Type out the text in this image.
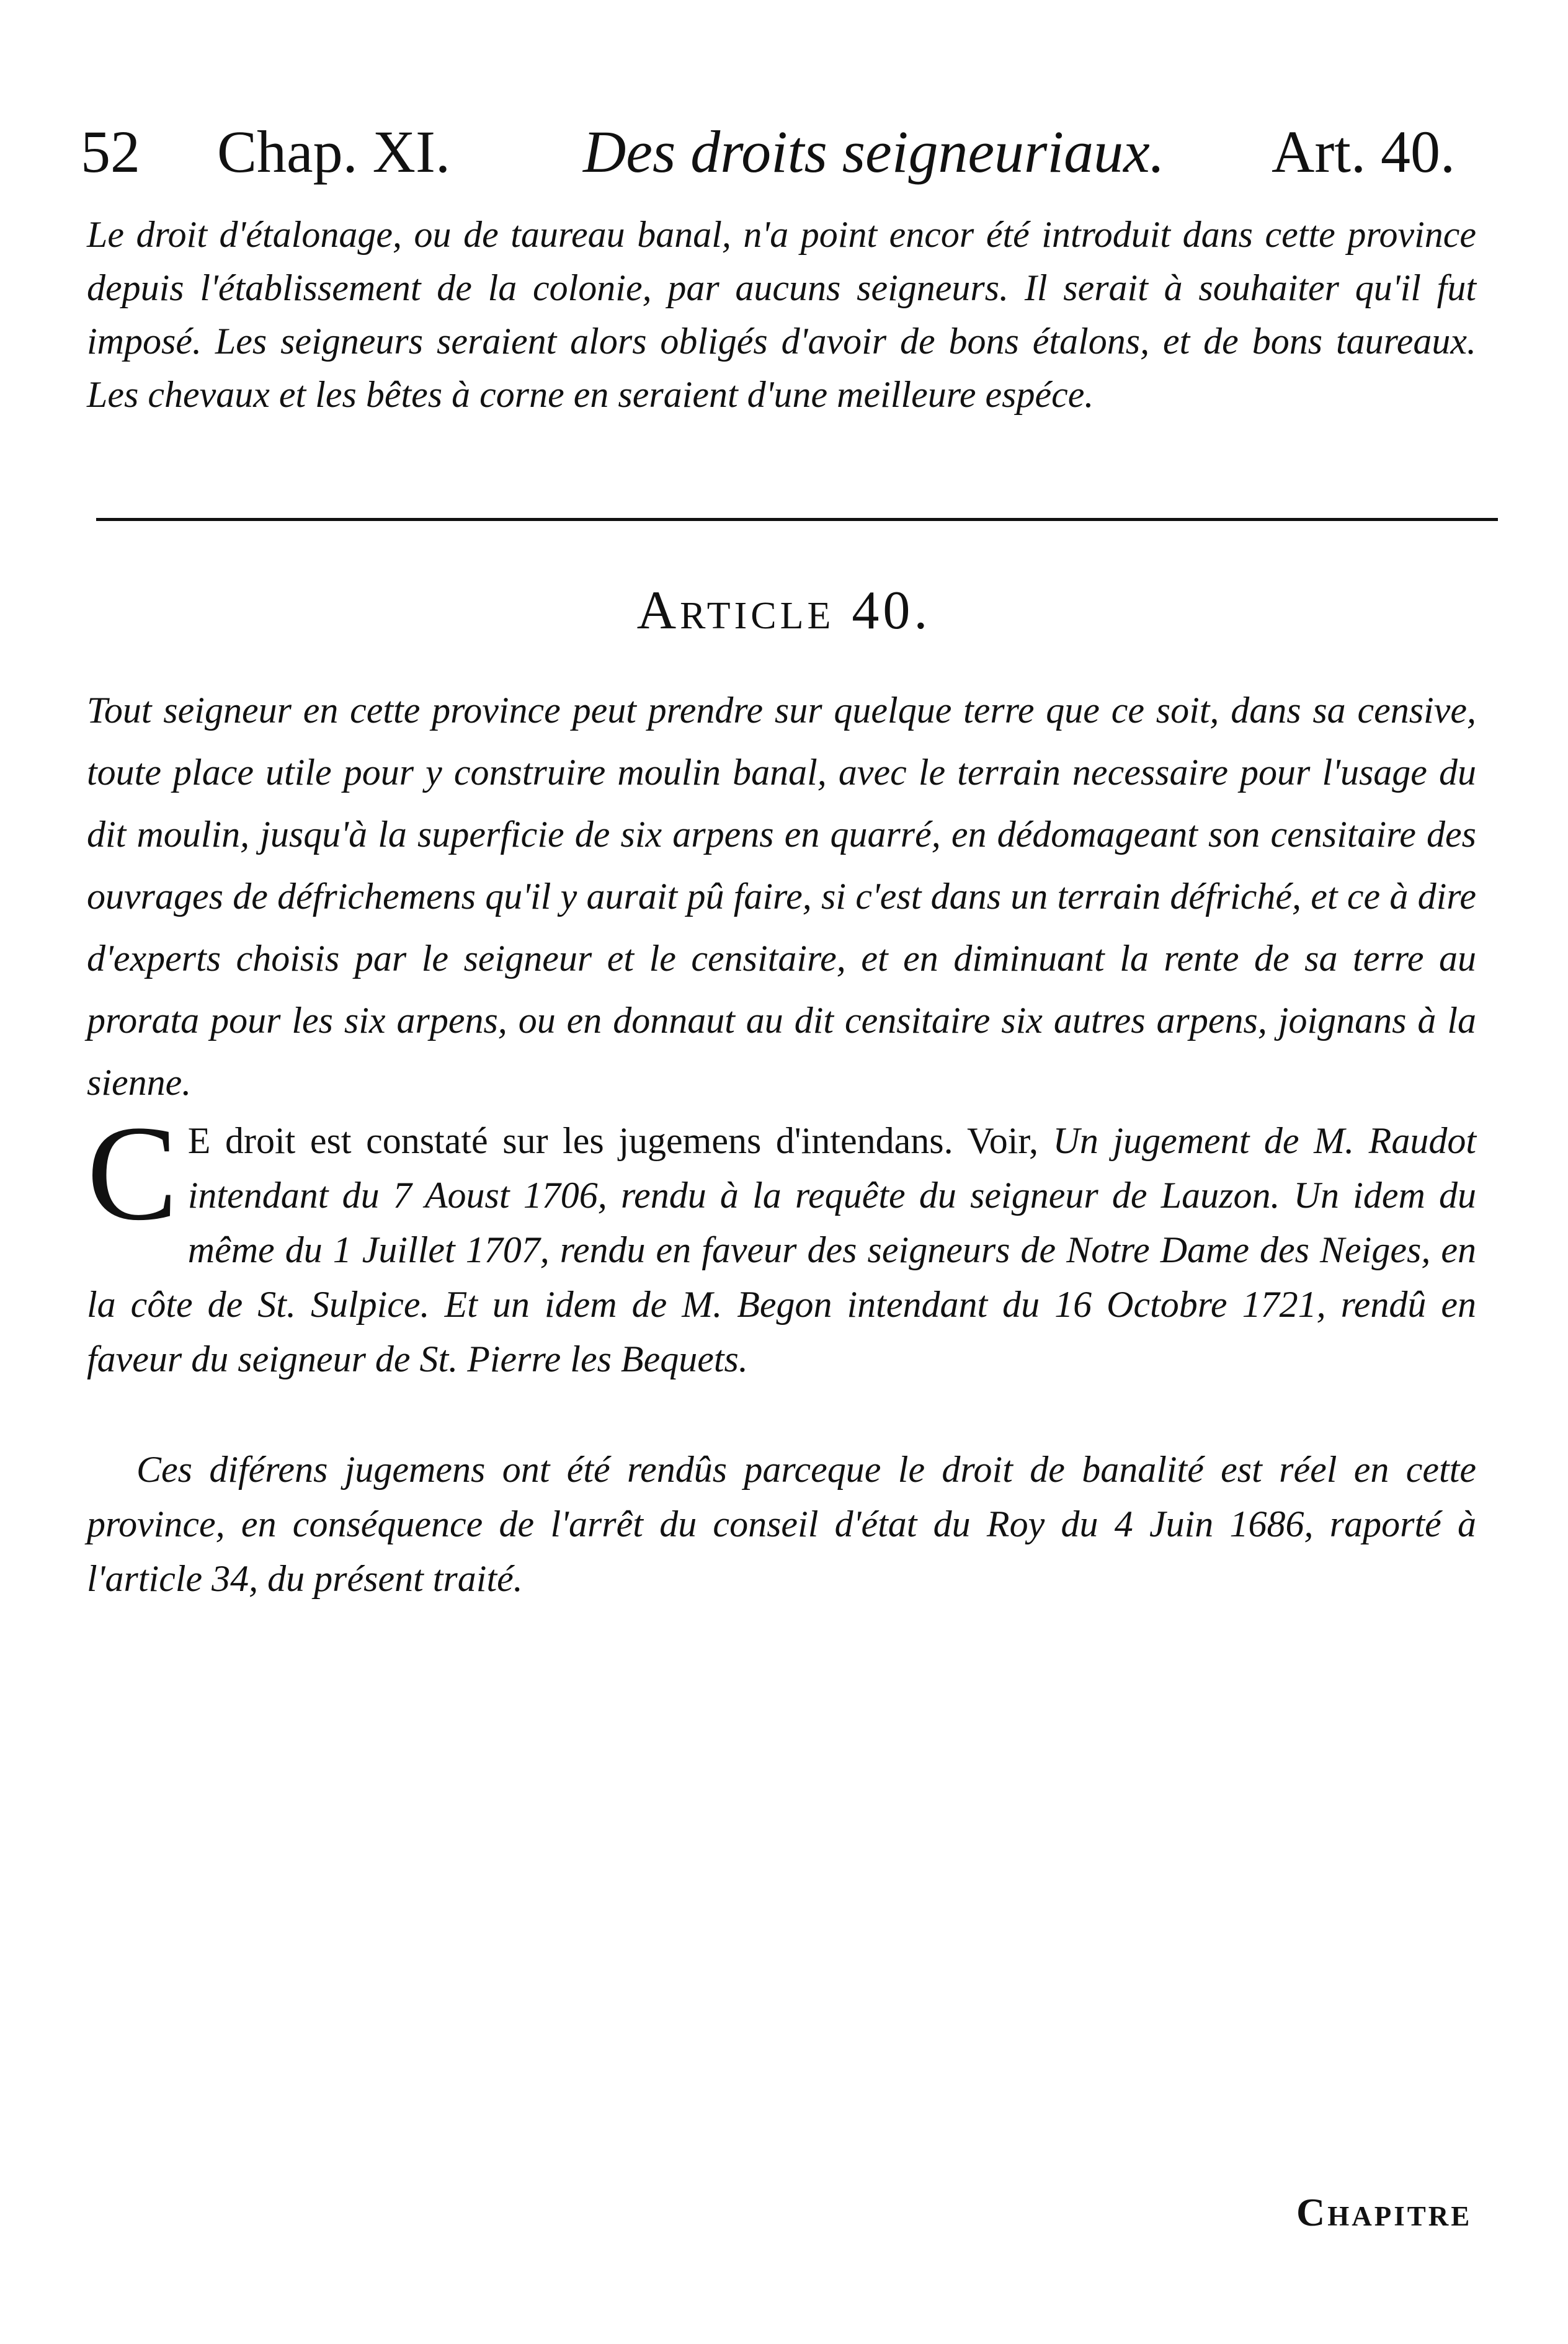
52 Chap. XI. Des droits seigneuriaux. Art. 40.

Le droit d'étalonage, ou de taureau banal, n'a point encor été introduit dans cette province depuis l'établissement de la colonie, par aucuns seigneurs. Il serait à souhaiter qu'il fut imposé. Les seigneurs seraient alors obligés d'avoir de bons étalons, et de bons taureaux. Les chevaux et les bêtes à corne en seraient d'une meilleure espéce.

Article 40.

Tout seigneur en cette province peut prendre sur quelque terre que ce soit, dans sa censive, toute place utile pour y construire moulin banal, avec le terrain necessaire pour l'usage du dit moulin, jusqu'à la superficie de six arpens en quarré, en dédomageant son censitaire des ouvrages de défrichemens qu'il y aurait pû faire, si c'est dans un terrain défriché, et ce à dire d'experts choisis par le seigneur et le censitaire, et en diminuant la rente de sa terre au prorata pour les six arpens, ou en donnaut au dit censitaire six autres arpens, joignans à la sienne.

C E droit est constaté sur les jugemens d'intendans. Voir, Un jugement de M. Raudot intendant du 7 Aoust 1706, rendu à la requête du seigneur de Lauzon. Un idem du même du 1 Juillet 1707, rendu en faveur des seigneurs de Notre Dame des Neiges, en la côte de St. Sulpice. Et un idem de M. Begon intendant du 16 Octobre 1721, rendû en faveur du seigneur de St. Pierre les Bequets.

Ces diférens jugemens ont été rendûs parceque le droit de banalité est réel en cette province, en conséquence de l'arrêt du conseil d'état du Roy du 4 Juin 1686, raporté à l'article 34, du présent traité.

Chapitre
